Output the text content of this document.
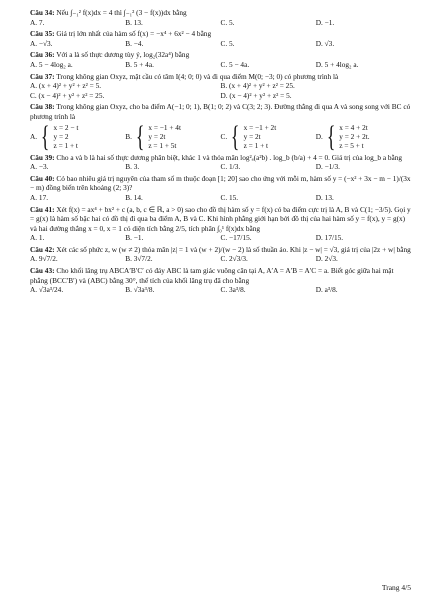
Câu 34: Nếu ∫₋₁² f(x)dx = 4 thì ∫₋₁² (3 − f(x))dx bằng
A. 7.	B. 13.	C. 5.	D. −1.
Câu 35: Giá trị lớn nhất của hàm số f(x) = −x⁴ + 6x² − 4 bằng
A. −√3.	B. −4.	C. 5.	D. √3.
Câu 36: Với a là số thực dương tùy ý, log₂(32a⁴) bằng
A. 5 − 4log₂ a.	B. 5 + 4a.	C. 5 − 4a.	D. 5 + 4log₂ a.
Câu 37: Trong không gian Oxyz, mặt cầu có tâm I(4; 0; 0) và đi qua điểm M(0; −3; 0) có phương trình là
A. (x + 4)² + y² + z² = 5.	B. (x + 4)² + y² + z² = 25.
C. (x − 4)² + y² + z² = 25.	D. (x − 4)² + y² + z² = 5.
Câu 38: Trong không gian Oxyz, cho ba điểm A(−1; 0; 1), B(1; 0; 2) và C(3; 2; 3). Đường thẳng đi qua A và song song với BC có phương trình là
A. { x = 2 − t
y = 2
z = 1 + t
B. { x = −1 + 4t
y = 2t
z = 1 + 5t
C. { x = −1 + 2t
y = 2t
z = 1 + t
D. { x = 4 + 2t
y = 2 + 2t.
z = 5 + t
Câu 39: Cho a và b là hai số thực dương phân biệt, khác 1 và thỏa mãn log²ₐ(a²b) . log_b (b/a) + 4 = 0. Giá trị của log_b a bằng
A. −3.	B. 3.	C. 1/3.	D. −1/3.
Câu 40: Có bao nhiêu giá trị nguyên của tham số m thuộc đoạn [1; 20] sao cho ứng với mỗi m, hàm số y = (−x² + 3x − m − 1)/(3x − m) đồng biến trên khoảng (2; 3)?
A. 17.	B. 14.	C. 15.	D. 13.
Câu 41: Xét f(x) = ax⁴ + bx² + c (a, b, c ∈ ℝ, a > 0) sao cho đồ thị hàm số y = f(x) có ba điểm cực trị là A, B và C(1; −3/5). Gọi y = g(x) là hàm số bậc hai có đồ thị đi qua ba điểm A, B và C. Khi hình phẳng giới hạn bởi đồ thị của hai hàm số y = f(x), y = g(x) và hai đường thẳng x = 0, x = 1 có diện tích bằng 2/5, tích phân ∫₀¹ f(x)dx bằng
A. 1.	B. −1.	C. −17/15.	D. 17/15.
Câu 42: Xét các số phức z, w (w ≠ 2) thỏa mãn |z| = 1 và (w + 2)/(w − 2) là số thuần ảo. Khi |z − w| = √3, giá trị của |2z + w| bằng
A. 9√7/2.	B. 3√7/2.	C. 2√3/3.	D. 2√3.
Câu 43: Cho khối lăng trụ ABCA′B′C′ có đáy ABC là tam giác vuông cân tại A, A′A = A′B = A′C = a. Biết góc giữa hai mặt phẳng (BCC′B′) và (ABC) bằng 30°, thể tích của khối lăng trụ đã cho bằng
A. √3a³/24.	B. √3a³/8.	C. 3a³/8.	D. a³/8.
Trang 4/5
